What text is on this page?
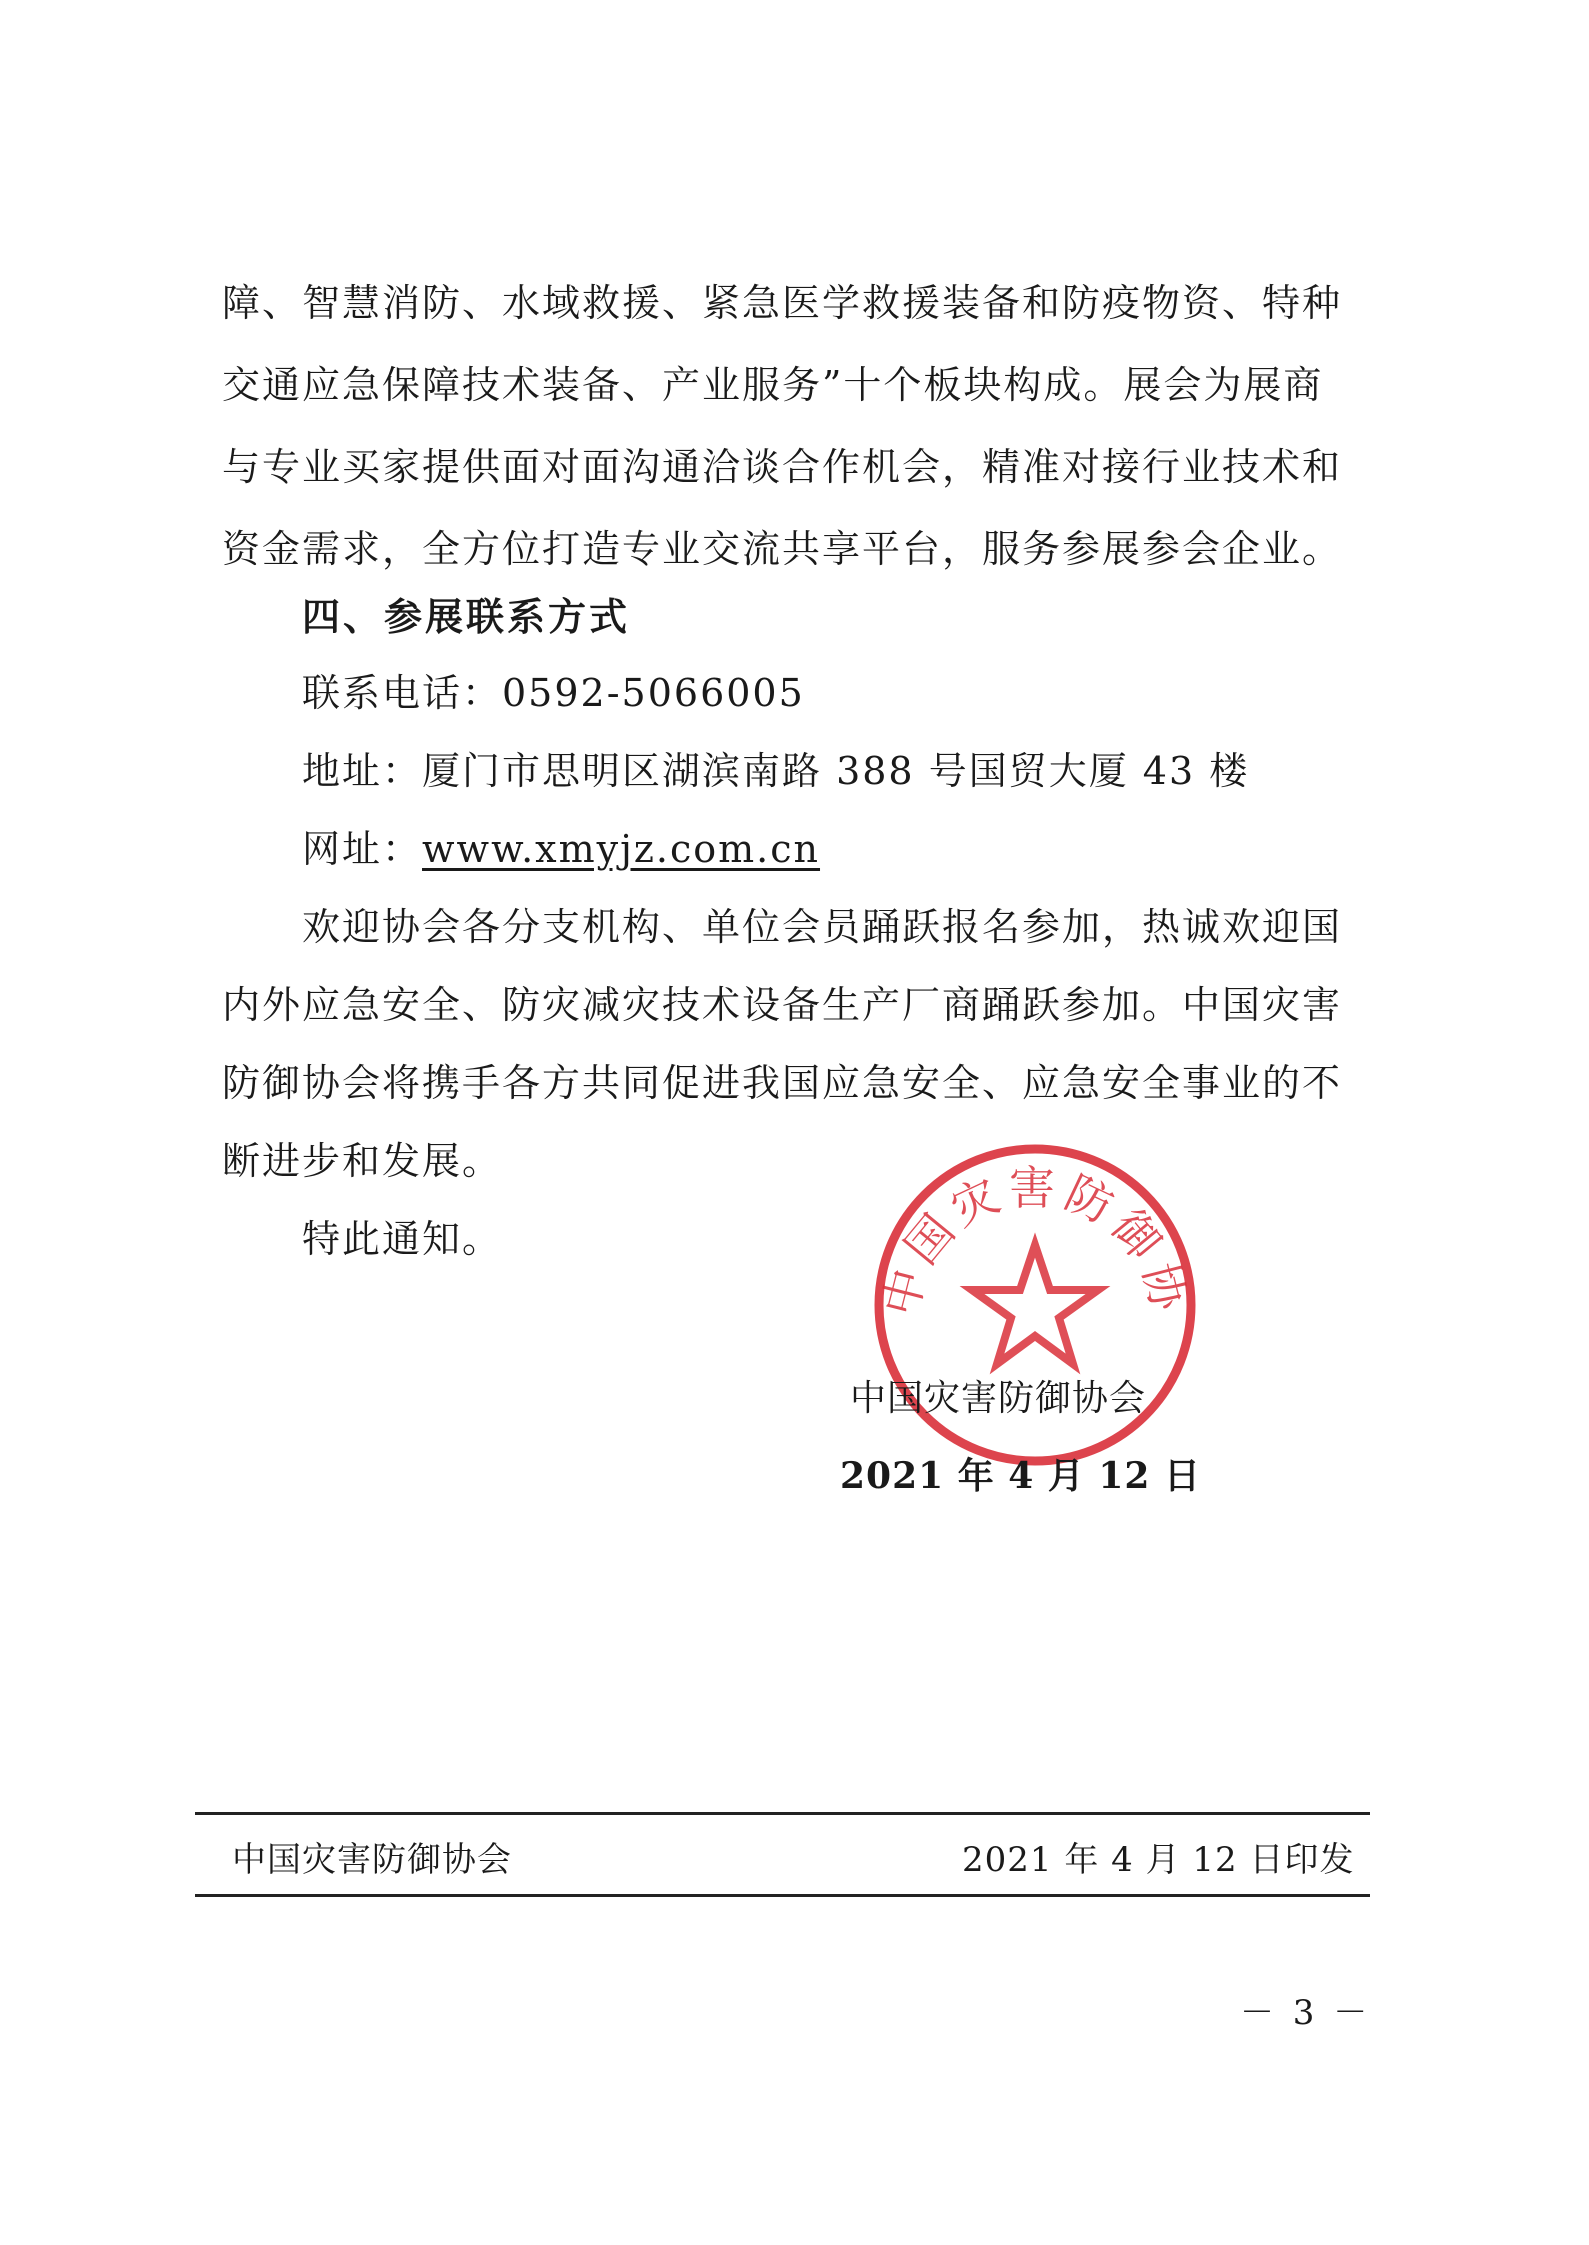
障、智慧消防、水域救援、紧急医学救援装备和防疫物资、特种
交通应急保障技术装备、产业服务”十个板块构成。展会为展商
与专业买家提供面对面沟通洽谈合作机会，精准对接行业技术和
资金需求，全方位打造专业交流共享平台，服务参展参会企业。
四、参展联系方式
联系电话：0592-5066005
地址：厦门市思明区湖滨南路 388 号国贸大厦 43 楼
网址：www.xmyjz.com.cn
欢迎协会各分支机构、单位会员踊跃报名参加，热诚欢迎国
内外应急安全、防灾减灾技术设备生产厂商踊跃参加。中国灾害
防御协会将携手各方共同促进我国应急安全、应急安全事业的不
断进步和发展。
特此通知。
中国灾害防御协
中国灾害防御协会
2021 年 4 月 12 日
中国灾害防御协会	2021 年 4 月 12 日印发
－ 3 －
